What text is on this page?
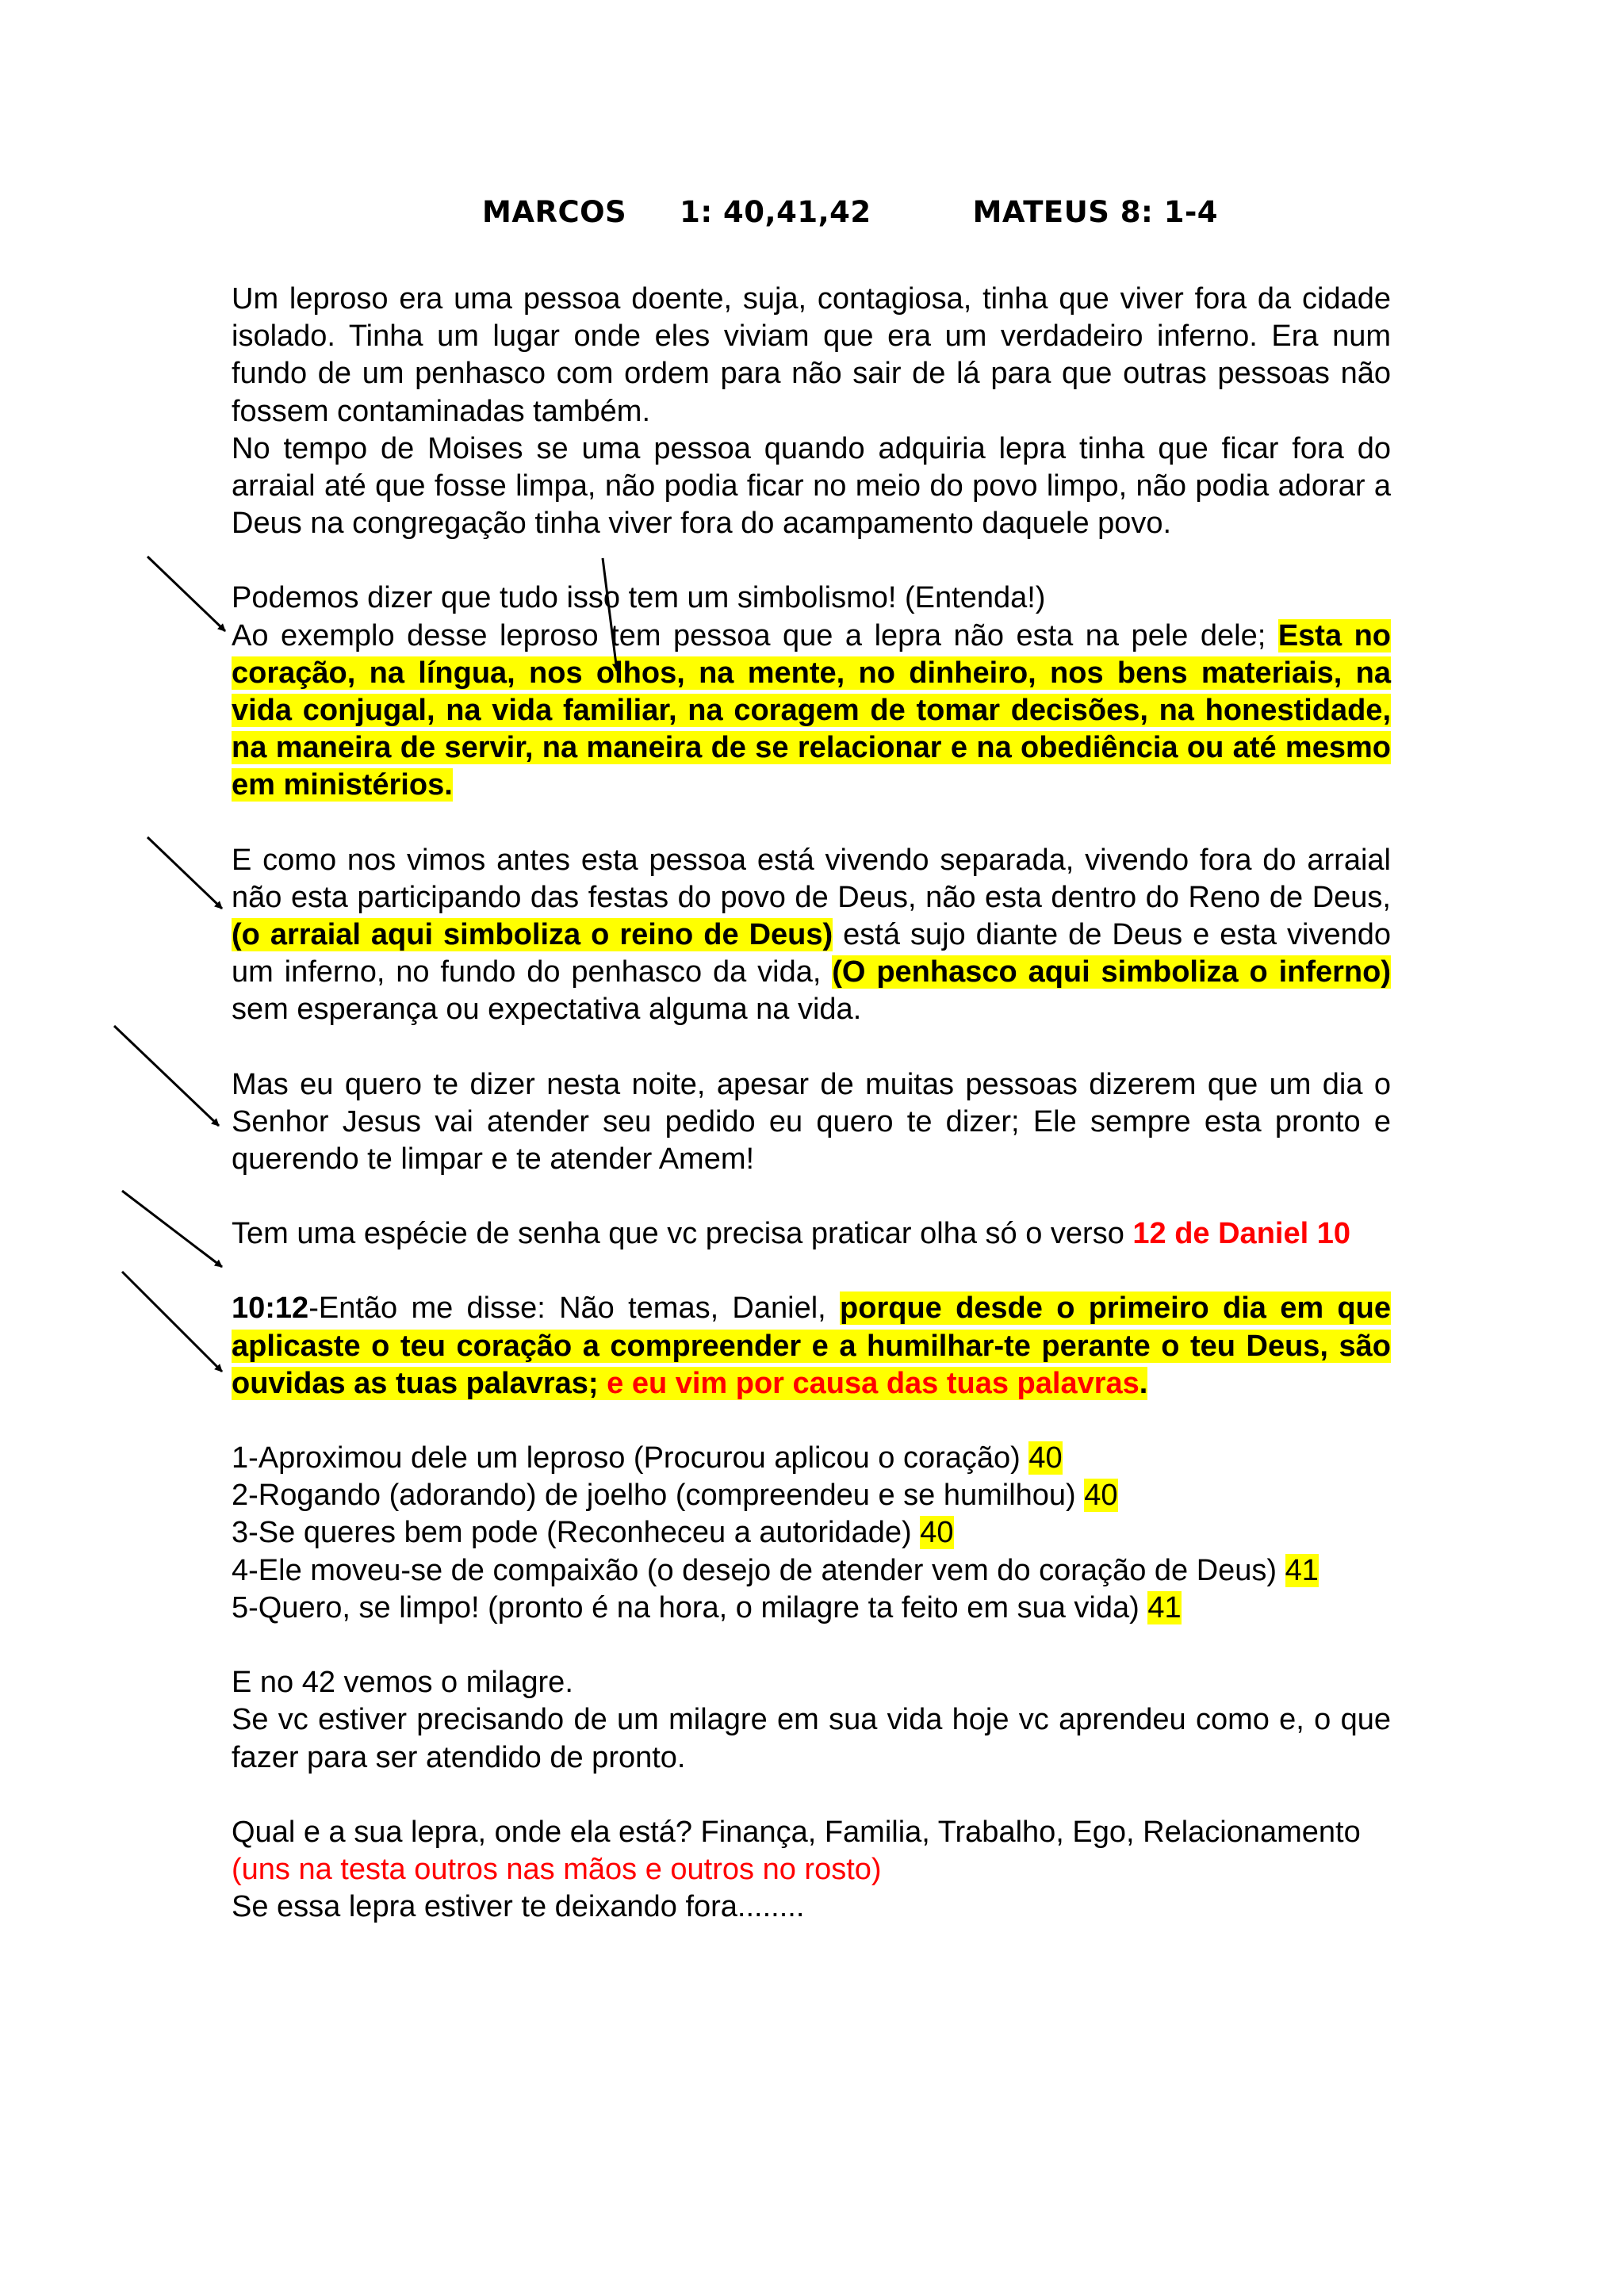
MARCOS     1: 40,41,42	MATEUS 8: 1-4

Um leproso era uma pessoa doente, suja, contagiosa, tinha que viver fora da cidade isolado. Tinha um lugar onde eles viviam que era um verdadeiro inferno. Era num fundo de um penhasco com ordem para não sair de lá para que outras pessoas não fossem contaminadas também.

No tempo de Moises se uma pessoa quando adquiria lepra tinha que ficar fora do arraial até que fosse limpa, não podia ficar no meio do povo limpo, não podia adorar a Deus na congregação tinha viver fora do acampamento daquele povo.

Podemos dizer que tudo isso tem um simbolismo! (Entenda!)

Ao exemplo desse leproso tem pessoa que a lepra não esta na pele dele; Esta no coração, na língua, nos olhos, na mente, no dinheiro, nos bens materiais, na vida conjugal, na vida familiar, na coragem de tomar decisões, na honestidade, na maneira de servir, na maneira de se relacionar e na obediência ou até mesmo em ministérios.

E como nos vimos antes esta pessoa está vivendo separada, vivendo fora do arraial não esta participando das festas do povo de Deus, não esta dentro do Reno de Deus, (o arraial aqui simboliza o reino de Deus) está sujo diante de Deus e esta vivendo um inferno, no fundo do penhasco da vida, (O penhasco aqui simboliza o inferno) sem esperança ou expectativa alguma na vida.

Mas eu quero te dizer nesta noite, apesar de muitas pessoas dizerem que um dia o Senhor Jesus vai atender seu pedido eu quero te dizer; Ele sempre esta pronto e querendo te limpar e te atender Amem!

Tem uma espécie de senha que vc precisa praticar olha só o verso 12 de Daniel 10

10:12-Então me disse: Não temas, Daniel, porque desde o primeiro dia em que aplicaste o teu coração a compreender e a humilhar-te perante o teu Deus, são ouvidas as tuas palavras; e eu vim por causa das tuas palavras.

1-Aproximou dele um leproso (Procurou aplicou o coração) 40

2-Rogando (adorando) de joelho (compreendeu e se humilhou) 40

3-Se queres bem pode (Reconheceu a autoridade) 40

4-Ele moveu-se de compaixão (o desejo de atender vem do coração de Deus) 41

5-Quero, se limpo! (pronto é na hora, o milagre ta feito em sua vida) 41

E no 42 vemos o milagre.

Se vc estiver precisando de um milagre em sua vida hoje vc aprendeu como e, o que fazer para ser atendido de pronto.

Qual e a sua lepra, onde ela está? Finança, Familia, Trabalho, Ego, Relacionamento

(uns na testa outros nas mãos e outros no rosto)

Se essa lepra estiver te deixando fora........
